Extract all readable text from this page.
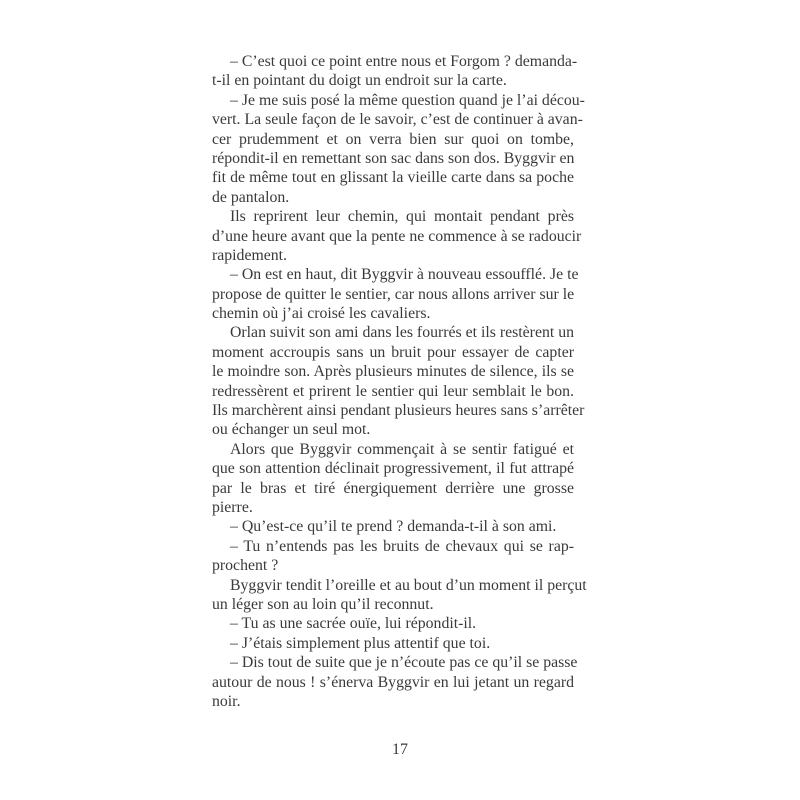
– C’est quoi ce point entre nous et Forgom ? demanda-
t-il en pointant du doigt un endroit sur la carte.
– Je me suis posé la même question quand je l’ai décou-
vert. La seule façon de le savoir, c’est de continuer à avan-
cer prudemment et on verra bien sur quoi on tombe,
répondit-il en remettant son sac dans son dos. Byggvir en
fit de même tout en glissant la vieille carte dans sa poche
de pantalon.
Ils reprirent leur chemin, qui montait pendant près
d’une heure avant que la pente ne commence à se radoucir
rapidement.
– On est en haut, dit Byggvir à nouveau essoufflé. Je te
propose de quitter le sentier, car nous allons arriver sur le
chemin où j’ai croisé les cavaliers.
Orlan suivit son ami dans les fourrés et ils restèrent un
moment accroupis sans un bruit pour essayer de capter
le moindre son. Après plusieurs minutes de silence, ils se
redressèrent et prirent le sentier qui leur semblait le bon.
Ils marchèrent ainsi pendant plusieurs heures sans s’arrêter
ou échanger un seul mot.
Alors que Byggvir commençait à se sentir fatigué et
que son attention déclinait progressivement, il fut attrapé
par le bras et tiré énergiquement derrière une grosse
pierre.
– Qu’est-ce qu’il te prend ? demanda-t-il à son ami.
– Tu n’entends pas les bruits de chevaux qui se rap-
prochent ?
Byggvir tendit l’oreille et au bout d’un moment il perçut
un léger son au loin qu’il reconnut.
– Tu as une sacrée ouïe, lui répondit-il.
– J’étais simplement plus attentif que toi.
– Dis tout de suite que je n’écoute pas ce qu’il se passe
autour de nous ! s’énerva Byggvir en lui jetant un regard
noir.
17
